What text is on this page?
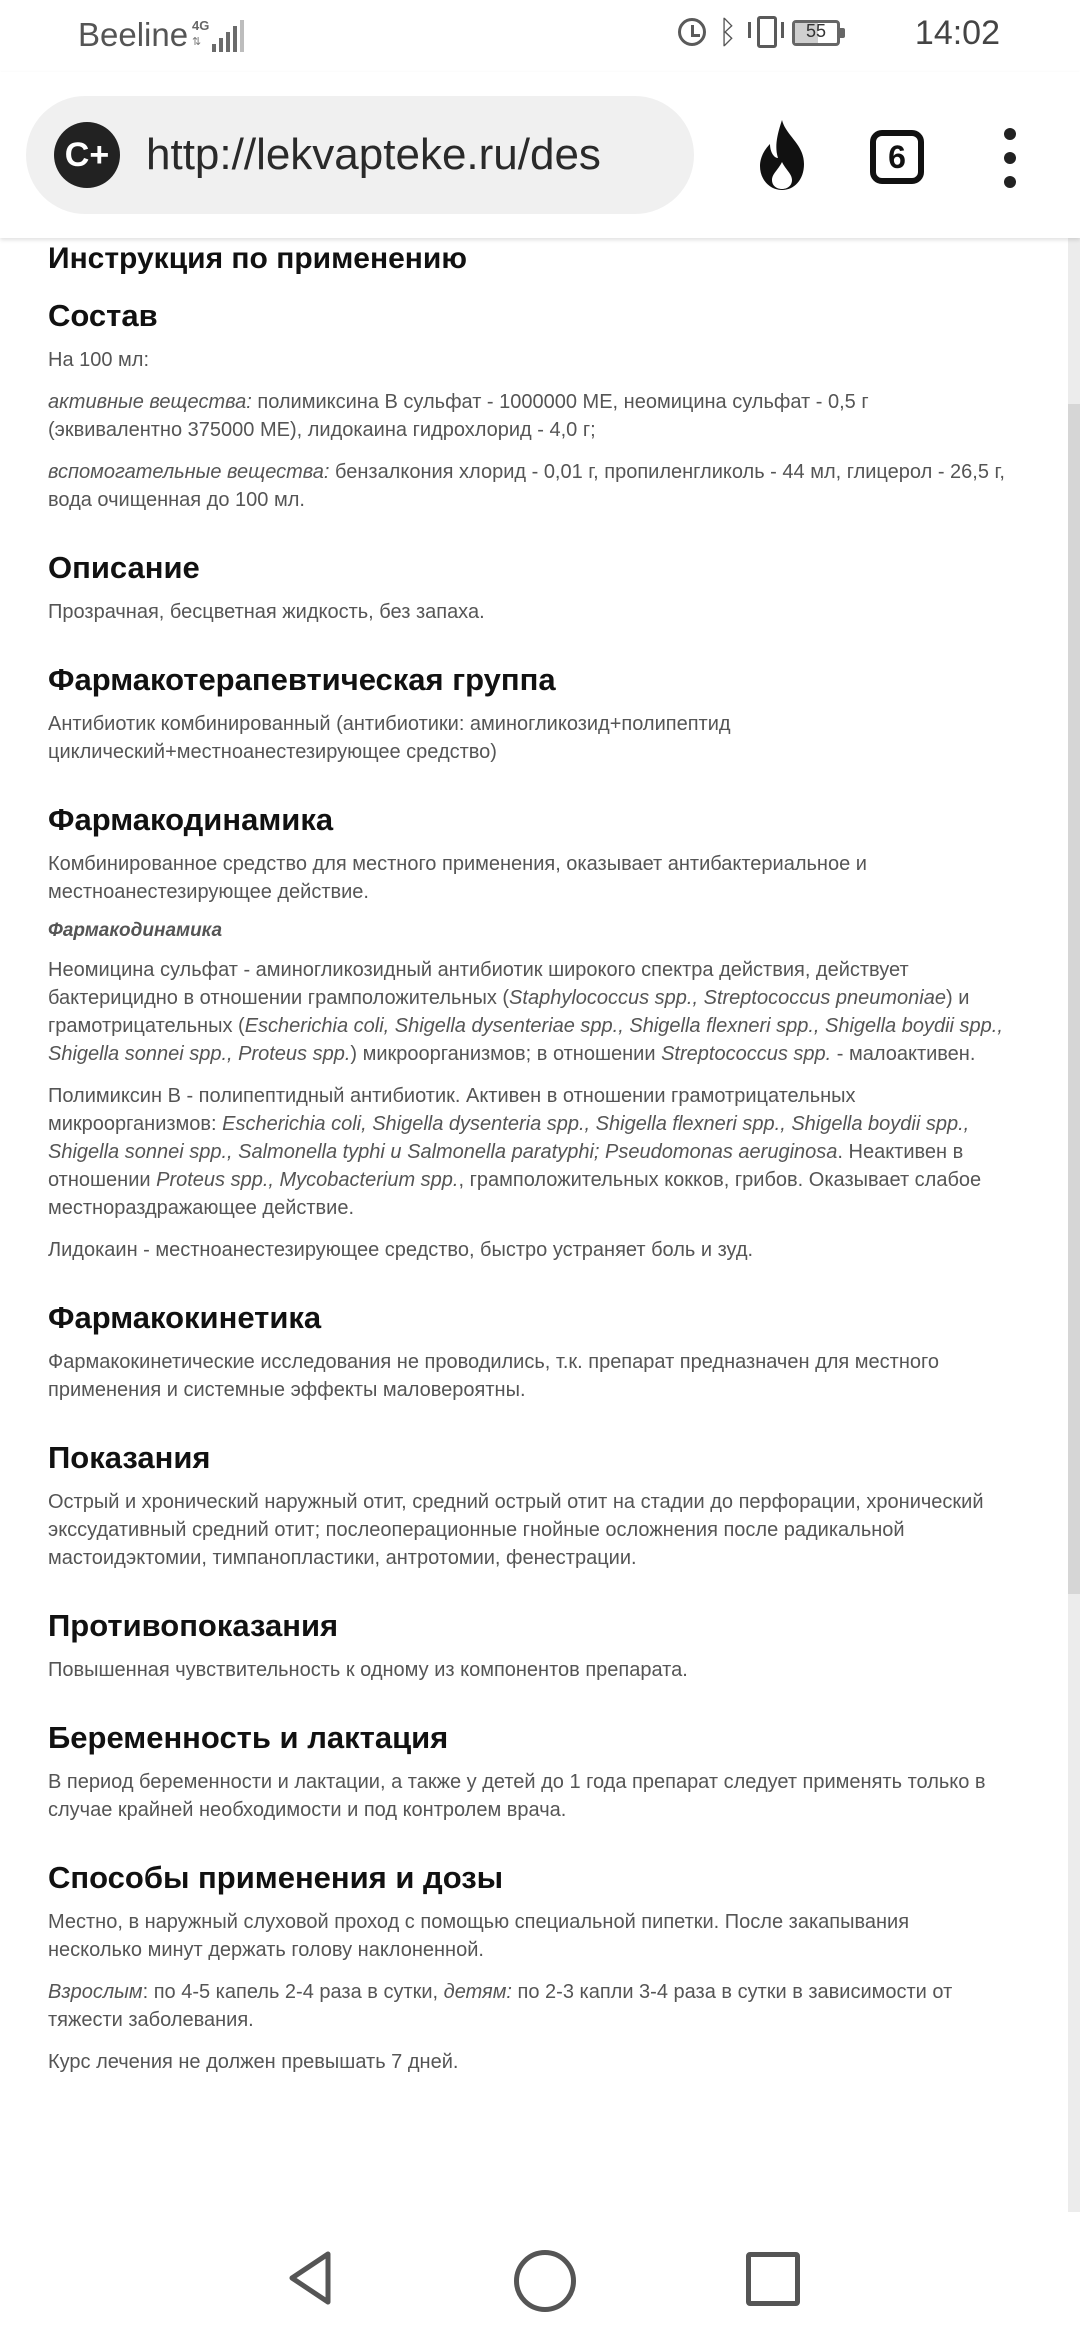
Beeline 4G
⇅	ᛒ	55	14:02
C+ http://lekvapteke.ru/des	6
Инструкция по применению
Состав

На 100 мл:

активные вещества: полимиксина В сульфат - 1000000 МЕ, неомицина сульфат - 0,5 г (эквивалентно 375000 МЕ), лидокаина гидрохлорид - 4,0 г;

вспомогательные вещества: бензалкония хлорид - 0,01 г, пропиленгликоль - 44 мл, глицерол - 26,5 г, вода очищенная до 100 мл.

Описание

Прозрачная, бесцветная жидкость, без запаха.

Фармакотерапевтическая группа

Антибиотик комбинированный (антибиотики: аминогликозид+полипептид циклический+местноанестезирующее средство)

Фармакодинамика

Комбинированное средство для местного применения, оказывает антибактериальное и местноанестезирующее действие.

Фармакодинамика

Неомицина сульфат - аминогликозидный антибиотик широкого спектра действия, действует бактерицидно в отношении грамположительных (Staphylococcus spp., Streptococcus pneumoniae) и грамотрицательных (Escherichia coli, Shigella dysenteriae spp., Shigella flexneri spp., Shigella boydii spp., Shigella sonnei spp., Proteus spp.) микроорганизмов; в отношении Streptococcus spp. - малоактивен.

Полимиксин В - полипептидный антибиотик. Активен в отношении грамотрицательных микроорганизмов: Escherichia coli, Shigella dysenteria spp., Shigella flexneri spp., Shigella boydii spp., Shigella sonnei spp., Salmonella typhi и Salmonella paratyphi; Pseudomonas aeruginosa. Неактивен в отношении Proteus spp., Mycobacterium spp., грамположительных кокков, грибов. Оказывает слабое местнораздражающее действие.

Лидокаин - местноанестезирующее средство, быстро устраняет боль и зуд.

Фармакокинетика

Фармакокинетические исследования не проводились, т.к. препарат предназначен для местного применения и системные эффекты маловероятны.

Показания

Острый и хронический наружный отит, средний острый отит на стадии до перфорации, хронический экссудативный средний отит; послеоперационные гнойные осложнения после радикальной мастоидэктомии, тимпанопластики, антротомии, фенестрации.

Противопоказания

Повышенная чувствительность к одному из компонентов препарата.

Беременность и лактация

В период беременности и лактации, а также у детей до 1 года препарат следует применять только в случае крайней необходимости и под контролем врача.

Способы применения и дозы

Местно, в наружный слуховой проход с помощью специальной пипетки. После закапывания несколько минут держать голову наклоненной.

Взрослым: по 4-5 капель 2-4 раза в сутки, детям: по 2-3 капли 3-4 раза в сутки в зависимости от тяжести заболевания.

Курс лечения не должен превышать 7 дней.
